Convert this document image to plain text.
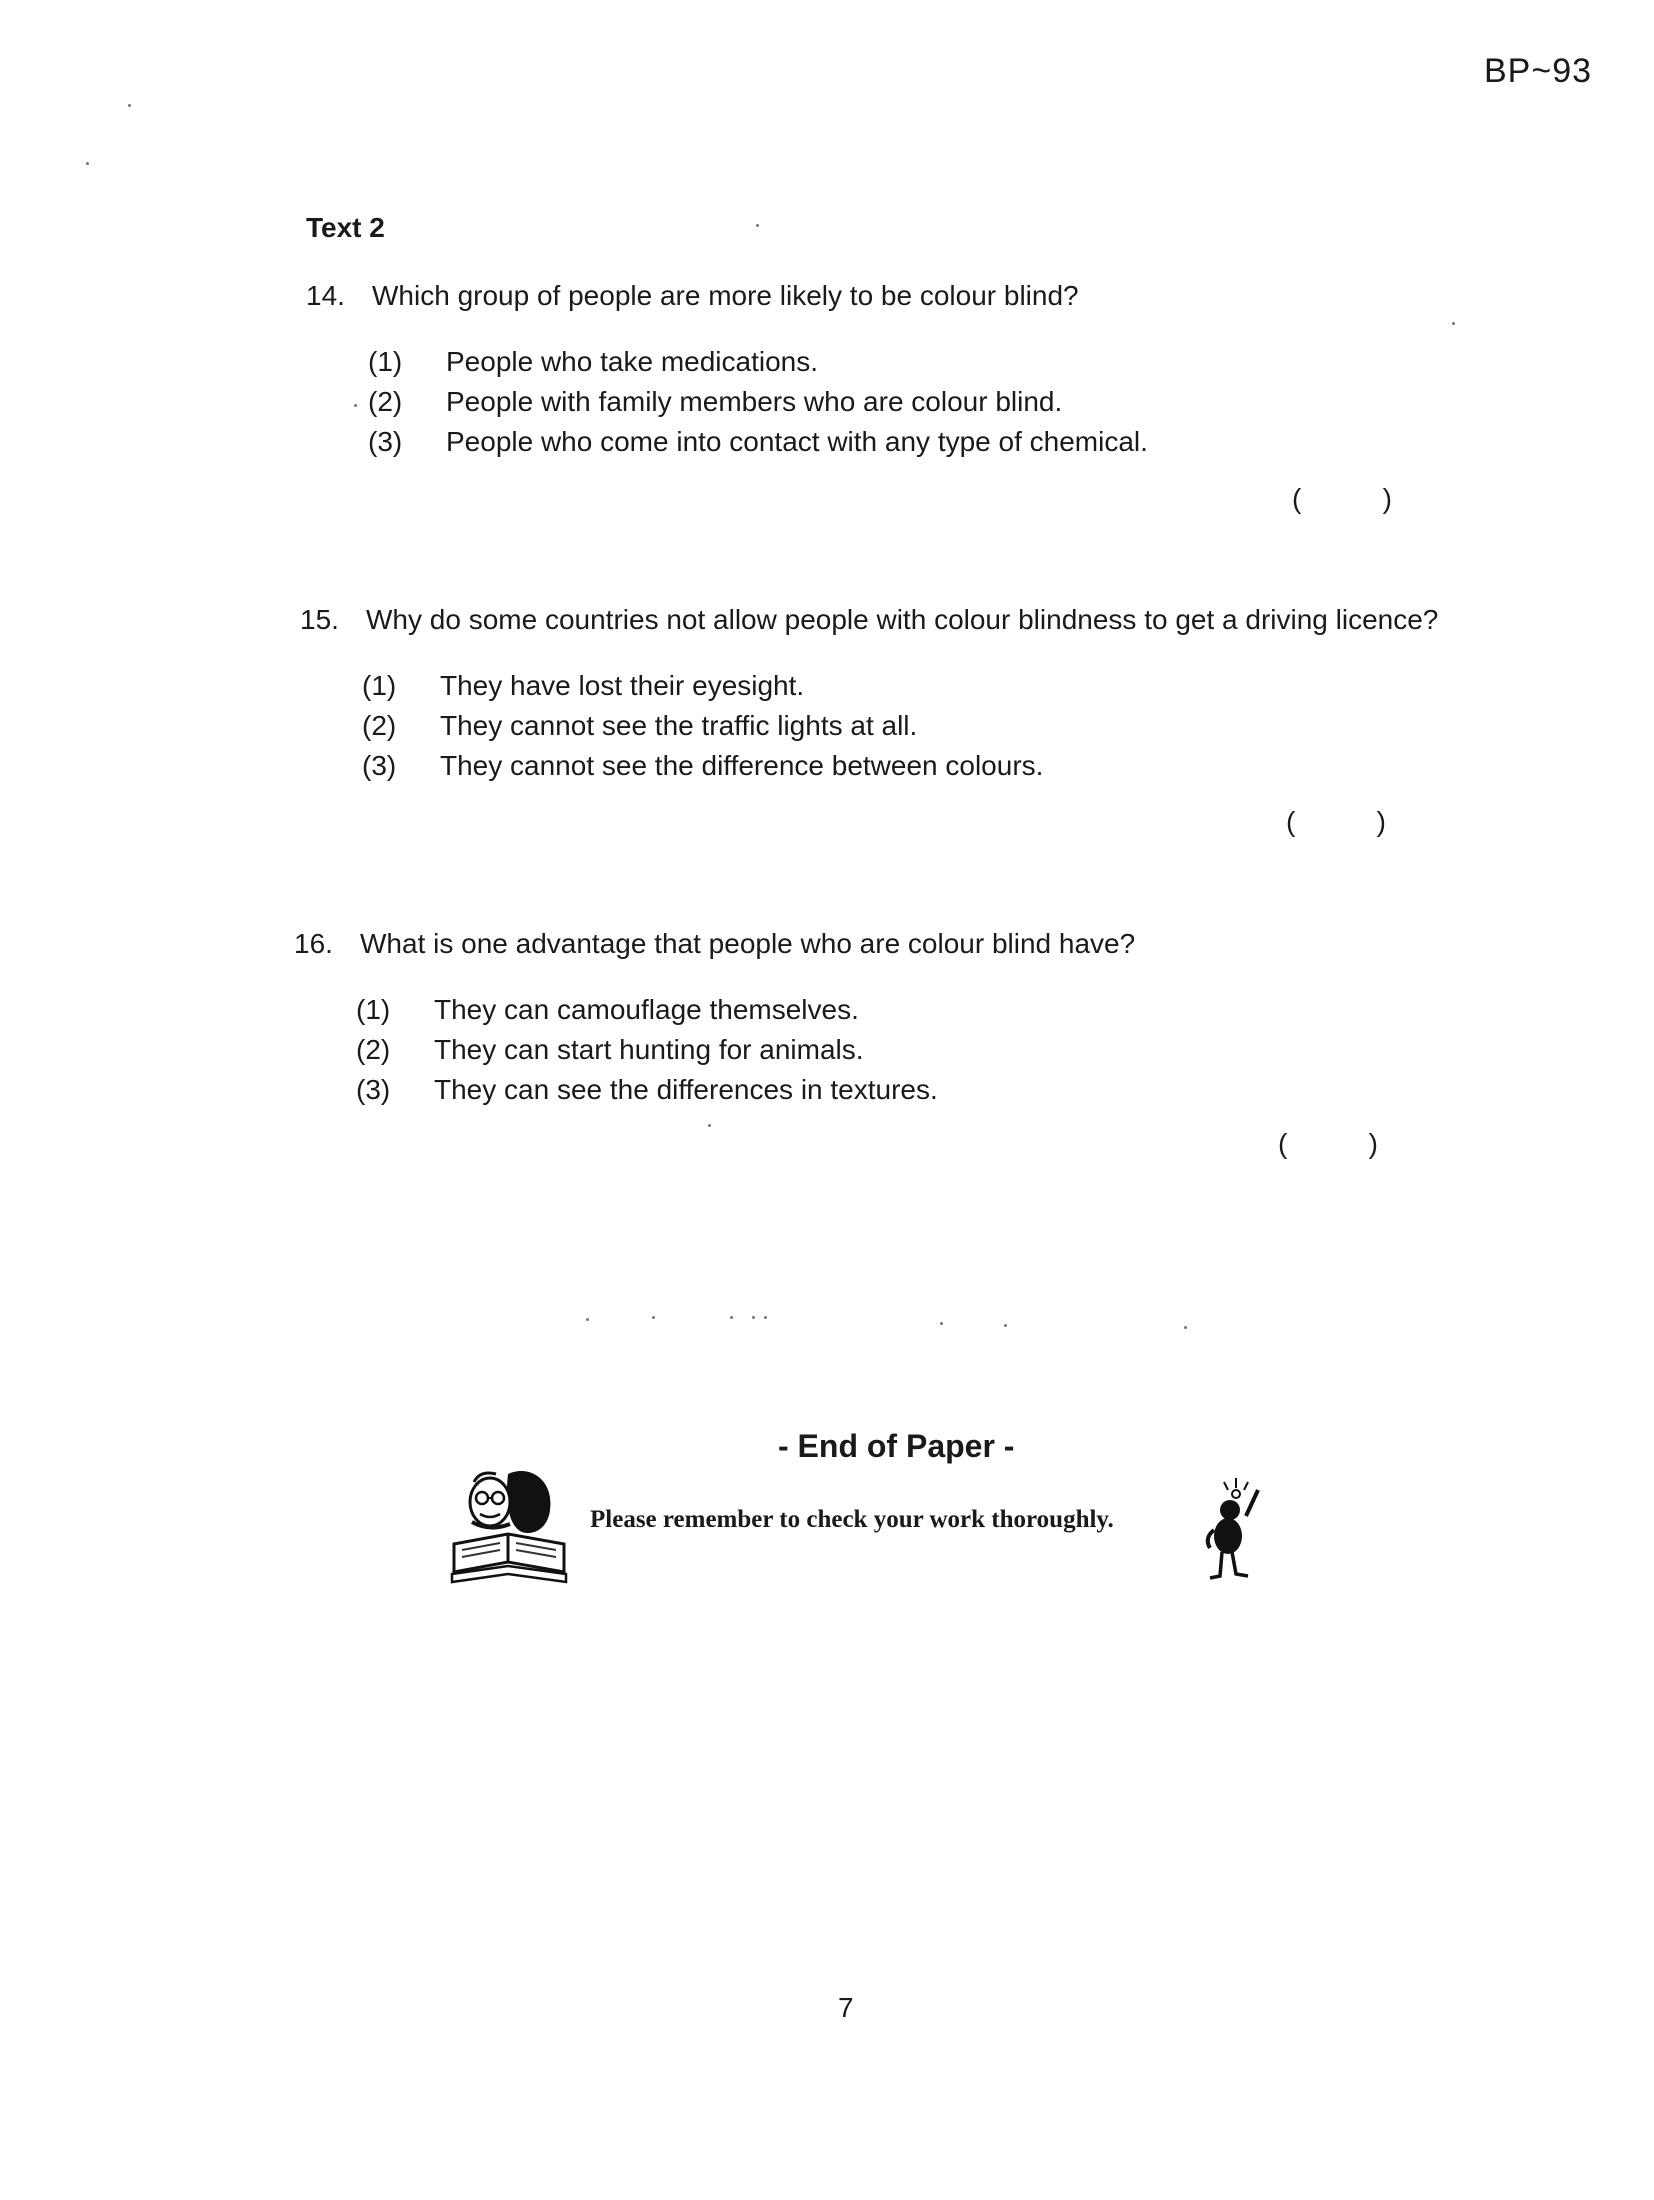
BP~93
Text 2
14. Which group of people are more likely to be colour blind?
(1) People who take medications.
(2) People with family members who are colour blind.
(3) People who come into contact with any type of chemical.
(	)
15. Why do some countries not allow people with colour blindness to get a driving licence?
(1) They have lost their eyesight.
(2) They cannot see the traffic lights at all.
(3) They cannot see the difference between colours.
(	)
16. What is one advantage that people who are colour blind have?
(1) They can camouflage themselves.
(2) They can start hunting for animals.
(3) They can see the differences in textures.
(	)
- End of Paper -
Please remember to check your work thoroughly.
7
